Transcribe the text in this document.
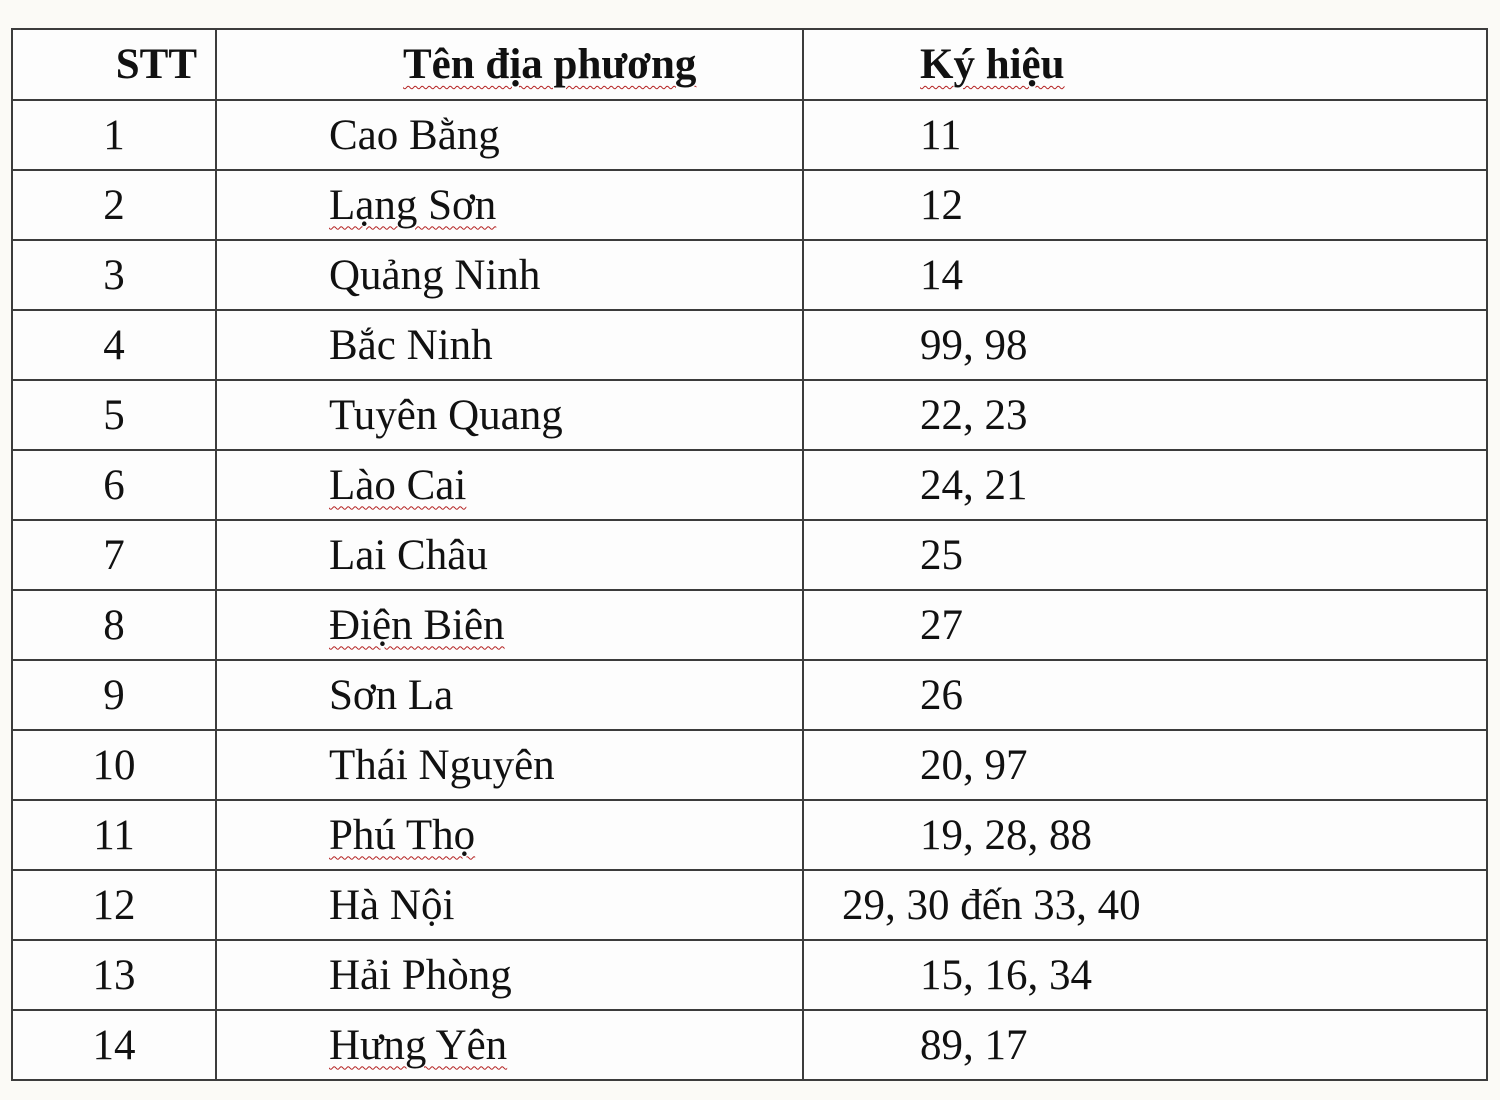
STT	Tên địa phương	Ký hiệu
1	Cao Bằng	11
2	Lạng Sơn	12
3	Quảng Ninh	14
4	Bắc Ninh	99, 98
5	Tuyên Quang	22, 23
6	Lào Cai	24, 21
7	Lai Châu	25
8	Điện Biên	27
9	Sơn La	26
10	Thái Nguyên	20, 97
11	Phú Thọ	19, 28, 88
12	Hà Nội	29, 30 đến 33, 40
13	Hải Phòng	15, 16, 34
14	Hưng Yên	89, 17
